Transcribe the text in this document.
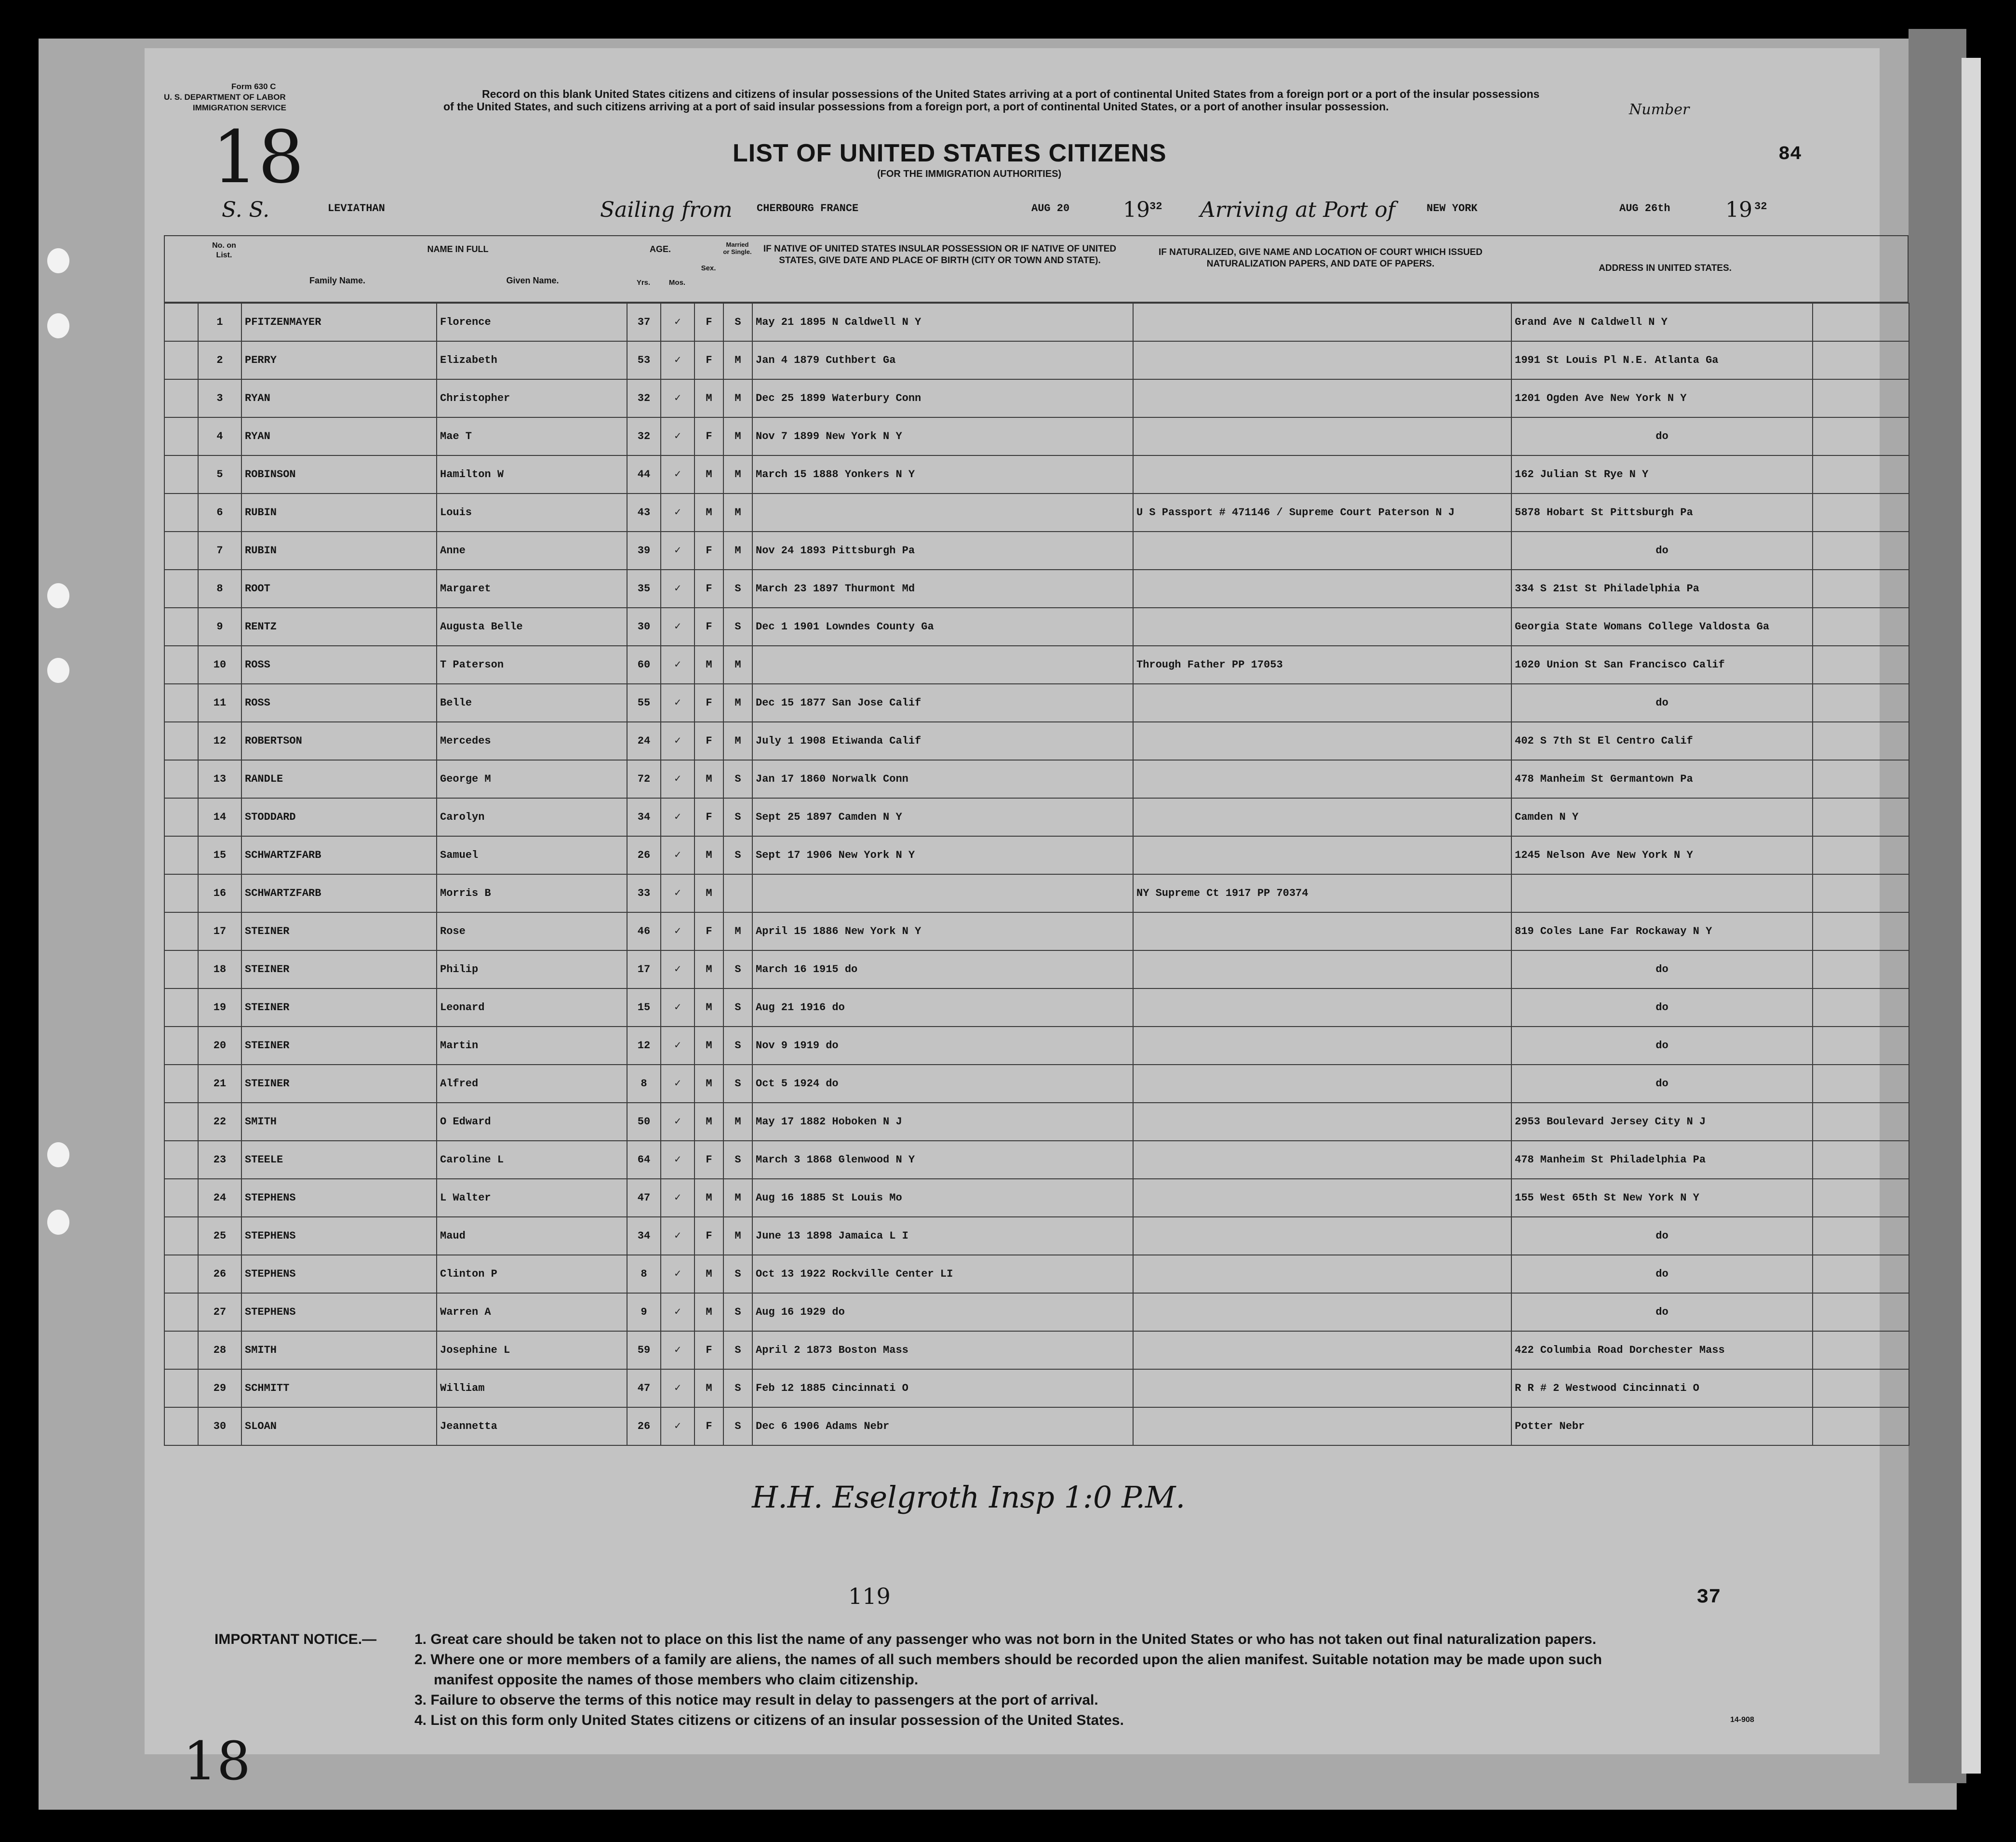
Form 630 C
U. S. DEPARTMENT OF LABOR
IMMIGRATION SERVICE
Record on this blank United States citizens and citizens of insular possessions of the United States arriving at a port of continental United States from a foreign port or a port of the insular possessions of the United States, and such citizens arriving at a port of said insular possessions from a foreign port, a port of continental United States, or a port of another insular possession.	Number
LIST OF UNITED STATES CITIZENS
(FOR THE IMMIGRATION AUTHORITIES)
84
18
S. S.	LEVIATHAN	Sailing from CHERBOURG FRANCE	AUG 20	19 32 Arriving at Port of	NEW YORK	AUG 26th	19 32
No. on List.
NAME IN FULL
Family Name.	Given Name.
AGE.
Yrs.	Mos.
Sex.
Married or Single.	IF NATIVE OF UNITED STATES INSULAR POSSESSION OR IF NATIVE OF UNITED STATES, GIVE DATE AND PLACE OF BIRTH (CITY OR TOWN AND STATE).
IF NATURALIZED, GIVE NAME AND LOCATION OF COURT WHICH ISSUED NATURALIZATION PAPERS, AND DATE OF PAPERS.	ADDRESS IN UNITED STATES.
	1	PFITZENMAYER	Florence	37	✓	F	S	May 21 1895 N Caldwell N Y		Grand Ave N Caldwell N Y	
	2	PERRY	Elizabeth	53	✓	F	M	Jan 4 1879 Cuthbert Ga		1991 St Louis Pl N.E. Atlanta Ga	
	3	RYAN	Christopher	32	✓	M	M	Dec 25 1899 Waterbury Conn		1201 Ogden Ave New York N Y	
	4	RYAN	Mae T	32	✓	F	M	Nov 7 1899 New York N Y		do	
	5	ROBINSON	Hamilton W	44	✓	M	M	March 15 1888 Yonkers N Y		162 Julian St Rye N Y	
	6	RUBIN	Louis	43	✓	M	M		U S Passport # 471146 / Supreme Court Paterson N J	5878 Hobart St Pittsburgh Pa	
	7	RUBIN	Anne	39	✓	F	M	Nov 24 1893 Pittsburgh Pa		do	
	8	ROOT	Margaret	35	✓	F	S	March 23 1897 Thurmont Md		334 S 21st St Philadelphia Pa	
	9	RENTZ	Augusta Belle	30	✓	F	S	Dec 1 1901 Lowndes County Ga		Georgia State Womans College Valdosta Ga	
	10	ROSS	T Paterson	60	✓	M	M		Through Father PP 17053	1020 Union St San Francisco Calif	
	11	ROSS	Belle	55	✓	F	M	Dec 15 1877 San Jose Calif		do	
	12	ROBERTSON	Mercedes	24	✓	F	M	July 1 1908 Etiwanda Calif		402 S 7th St El Centro Calif	
	13	RANDLE	George M	72	✓	M	S	Jan 17 1860 Norwalk Conn		478 Manheim St Germantown Pa	
	14	STODDARD	Carolyn	34	✓	F	S	Sept 25 1897 Camden N Y		Camden N Y	
	15	SCHWARTZFARB	Samuel	26	✓	M	S	Sept 17 1906 New York N Y		1245 Nelson Ave New York N Y	
	16	SCHWARTZFARB	Morris B	33	✓	M			NY Supreme Ct 1917 PP 70374		
	17	STEINER	Rose	46	✓	F	M	April 15 1886 New York N Y		819 Coles Lane Far Rockaway N Y	
	18	STEINER	Philip	17	✓	M	S	March 16 1915 do		do	
	19	STEINER	Leonard	15	✓	M	S	Aug 21 1916 do		do	
	20	STEINER	Martin	12	✓	M	S	Nov 9 1919 do		do	
	21	STEINER	Alfred	8	✓	M	S	Oct 5 1924 do		do	
	22	SMITH	O Edward	50	✓	M	M	May 17 1882 Hoboken N J		2953 Boulevard Jersey City N J	
	23	STEELE	Caroline L	64	✓	F	S	March 3 1868 Glenwood N Y		478 Manheim St Philadelphia Pa	
	24	STEPHENS	L Walter	47	✓	M	M	Aug 16 1885 St Louis Mo		155 West 65th St New York N Y	
	25	STEPHENS	Maud	34	✓	F	M	June 13 1898 Jamaica L I		do	
	26	STEPHENS	Clinton P	8	✓	M	S	Oct 13 1922 Rockville Center LI		do	
	27	STEPHENS	Warren A	9	✓	M	S	Aug 16 1929 do		do	
	28	SMITH	Josephine L	59	✓	F	S	April 2 1873 Boston Mass		422 Columbia Road Dorchester Mass	
	29	SCHMITT	William	47	✓	M	S	Feb 12 1885 Cincinnati O		R R # 2 Westwood Cincinnati O	
	30	SLOAN	Jeannetta	26	✓	F	S	Dec 6 1906 Adams Nebr		Potter Nebr	
H.H. Eselgroth Insp 1:0 P.M.
119	37
IMPORTANT NOTICE.—	1. Great care should be taken not to place on this list the name of any passenger who was not born in the United States or who has not taken out final naturalization papers.
2. Where one or more members of a family are aliens, the names of all such members should be recorded upon the alien manifest. Suitable notation may be made upon such
manifest opposite the names of those members who claim citizenship.
3. Failure to observe the terms of this notice may result in delay to passengers at the port of arrival.
4. List on this form only United States citizens or citizens of an insular possession of the United States.	14-908
18
